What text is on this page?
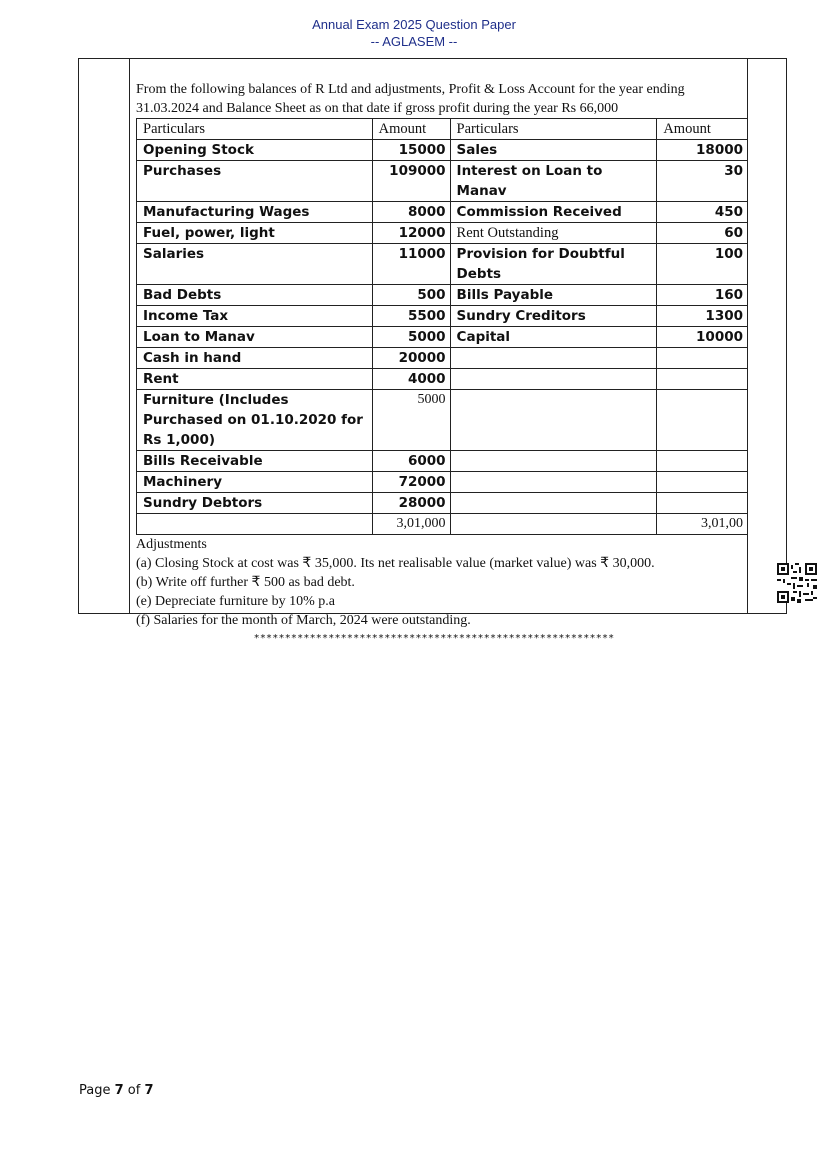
Annual Exam 2025 Question Paper
-- AGLASEM --

From the following balances of R Ltd and adjustments, Profit & Loss Account for the year ending 31.03.2024 and Balance Sheet as on that date if gross profit during the year Rs 66,000

Particulars	Amount	Particulars	Amount
Opening Stock	15000	Sales	18000
Purchases	109000	Interest on Loan to Manav	30
Manufacturing Wages	8000	Commission Received	450
Fuel, power, light	12000	Rent Outstanding	60
Salaries	11000	Provision for Doubtful Debts	100
Bad Debts	500	Bills Payable	160
Income Tax	5500	Sundry Creditors	1300
Loan to Manav	5000	Capital	10000
Cash in hand	20000		
Rent	4000		
Furniture (Includes Purchased on 01.10.2020 for Rs 1,000)	5000		
Bills Receivable	6000		
Machinery	72000		
Sundry Debtors	28000		
	3,01,000		3,01,00

Adjustments

(a) Closing Stock at cost was ₹ 35,000. Its net realisable value (market value) was ₹ 30,000.

(b) Write off further ₹ 500 as bad debt.

(e) Depreciate furniture by 10% p.a

(f) Salaries for the month of March, 2024 were outstanding.

**********************************************************
Page 7 of 7
